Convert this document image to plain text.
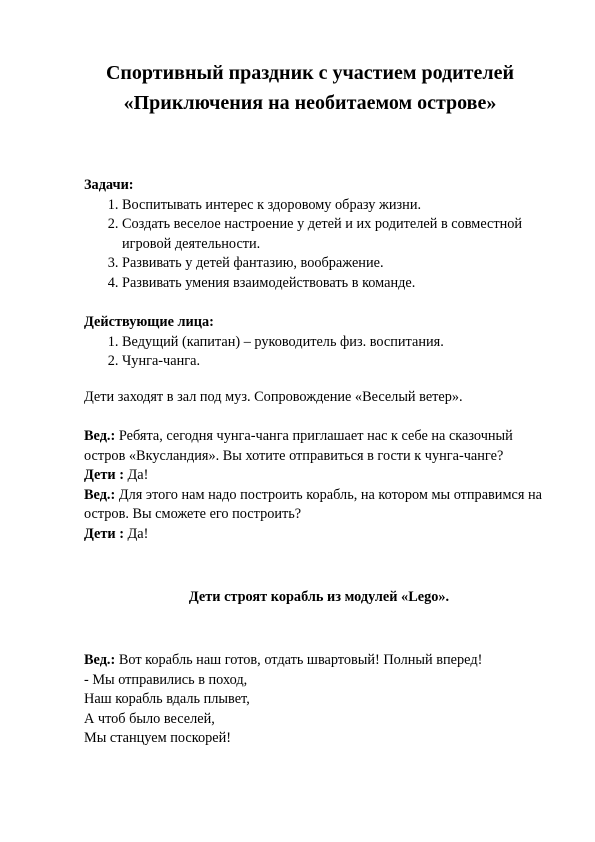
Спортивный праздник с участием родителей
«Приключения на необитаемом острове»
Задачи:
1. Воспитывать интерес к здоровому образу жизни.
2. Создать веселое настроение у детей и их родителей в совместной игровой деятельности.
3. Развивать у детей фантазию, воображение.
4. Развивать умения взаимодействовать в команде.
Действующие лица:
1. Ведущий (капитан) – руководитель физ. воспитания.
2. Чунга-чанга.

Дети заходят в зал под муз. Сопровождение «Веселый ветер».

Вед.: Ребята, сегодня чунга-чанга приглашает нас к себе на сказочный остров «Вкусландия». Вы хотите отправиться в гости к чунга-чанге?

Дети : Да!

Вед.: Для этого нам надо построить корабль, на котором мы отправимся на остров. Вы сможете его построить?

Дети : Да!

Дети строят корабль из модулей «Lego».

Вед.: Вот корабль наш готов, отдать швартовый! Полный вперед!

- Мы отправились в поход,

Наш корабль вдаль плывет,

А чтоб было веселей,

Мы станцуем поскорей!
